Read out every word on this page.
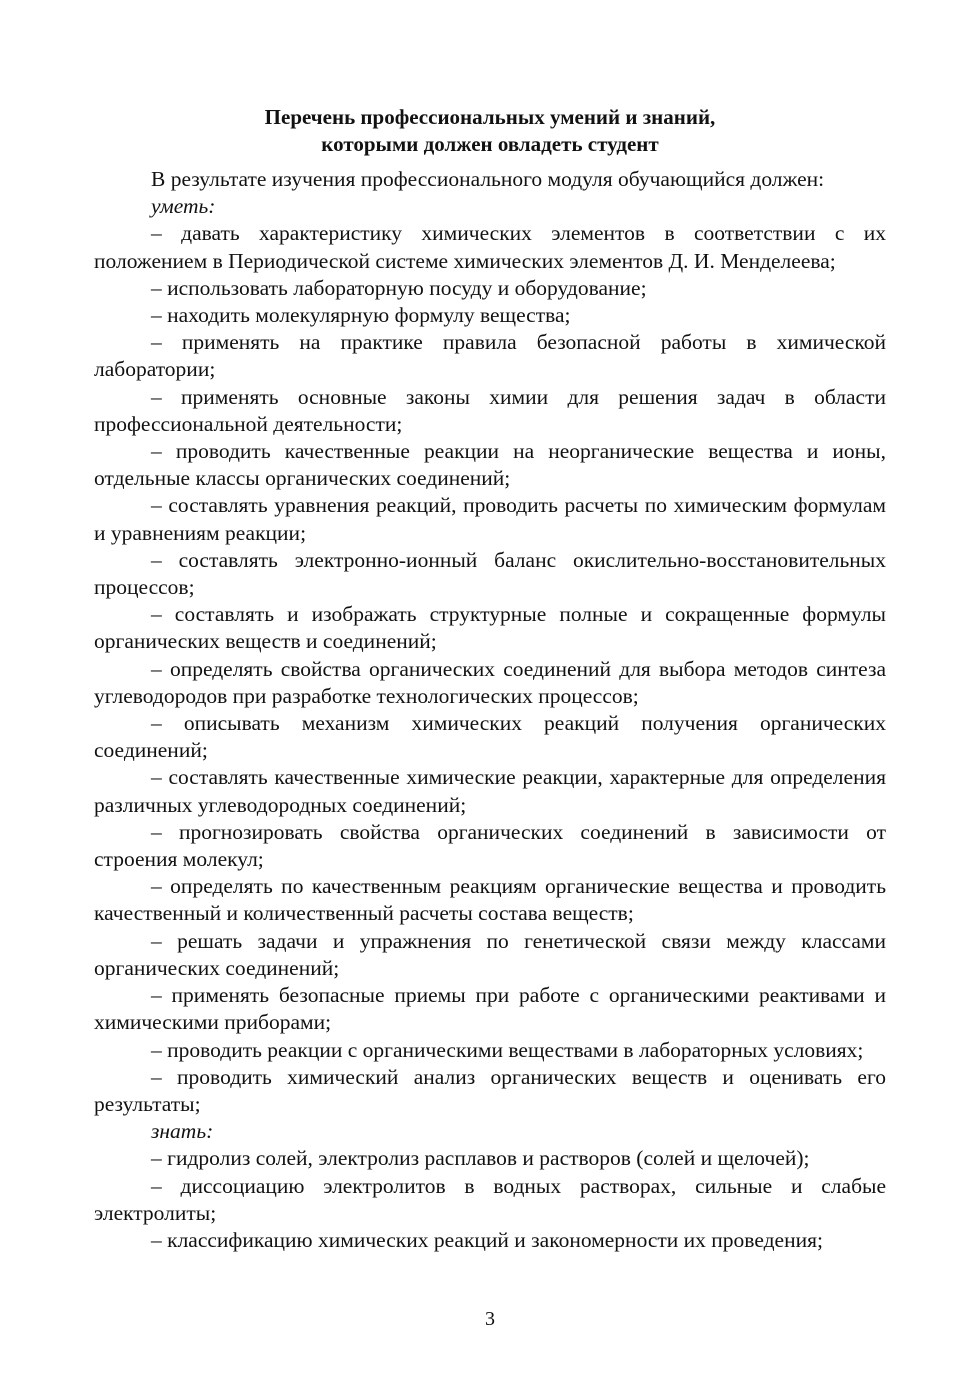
Перечень профессиональных умений и знаний,
которыми должен овладеть студент

В результате изучения профессионального модуля обучающийся должен:

уметь:

– давать характеристику химических элементов в соответствии с их положением в Периодической системе химических элементов Д. И. Менделеева;

– использовать лабораторную посуду и оборудование;

– находить молекулярную формулу вещества;

– применять на практике правила безопасной работы в химической лаборатории;

– применять основные законы химии для решения задач в области профессиональной деятельности;

– проводить качественные реакции на неорганические вещества и ионы, отдельные классы органических соединений;

– составлять уравнения реакций, проводить расчеты по химическим формулам и уравнениям реакции;

– составлять электронно-ионный баланс окислительно-восстановительных процессов;

– составлять и изображать структурные полные и сокращенные формулы органических веществ и соединений;

– определять свойства органических соединений для выбора методов синтеза углеводородов при разработке технологических процессов;

– описывать механизм химических реакций получения органических соединений;

– составлять качественные химические реакции, характерные для определения различных углеводородных соединений;

– прогнозировать свойства органических соединений в зависимости от строения молекул;

– определять по качественным реакциям органические вещества и проводить качественный и количественный расчеты состава веществ;

– решать задачи и упражнения по генетической связи между классами органических соединений;

– применять безопасные приемы при работе с органическими реактивами и химическими приборами;

– проводить реакции с органическими веществами в лабораторных условиях;

– проводить химический анализ органических веществ и оценивать его результаты;

знать:

– гидролиз солей, электролиз расплавов и растворов (солей и щелочей);

– диссоциацию электролитов в водных растворах, сильные и слабые электролиты;

– классификацию химических реакций и закономерности их проведения;

3
